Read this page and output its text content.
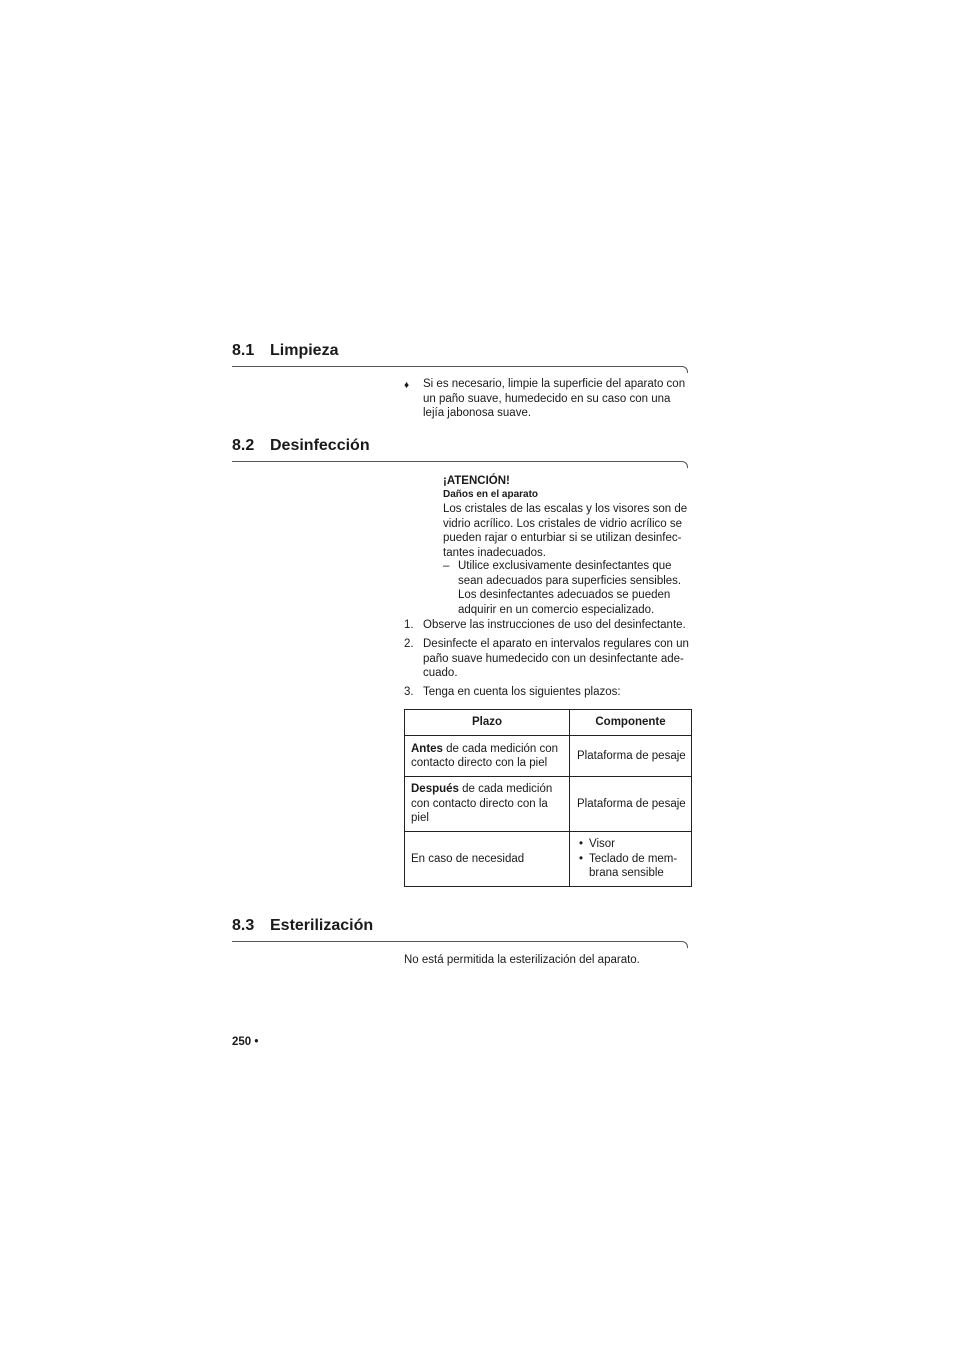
8.1 Limpieza
♦ Si es necesario, limpie la superficie del aparato con
un paño suave, humedecido en su caso con una
lejía jabonosa suave.
8.2 Desinfección
¡ATENCIÓN!
Daños en el aparato
Los cristales de las escalas y los visores son de
vidrio acrílico. Los cristales de vidrio acrílico se
pueden rajar o enturbiar si se utilizan desinfec-
tantes inadecuados.
– Utilice exclusivamente desinfectantes que
sean adecuados para superficies sensibles.
Los desinfectantes adecuados se pueden
adquirir en un comercio especializado.
1. Observe las instrucciones de uso del desinfectante.
2. Desinfecte el aparato en intervalos regulares con un
paño suave humedecido con un desinfectante ade-
cuado.
3. Tenga en cuenta los siguientes plazos:
Plazo	Componente

Antes de cada medición con
contacto directo con la piel	Plataforma de pesaje

Después de cada medición
con contacto directo con la
piel	Plataforma de pesaje
En caso de necesidad	• Visor
• Teclado de mem-
brana sensible
8.3 Esterilización
No está permitida la esterilización del aparato.
250 •
